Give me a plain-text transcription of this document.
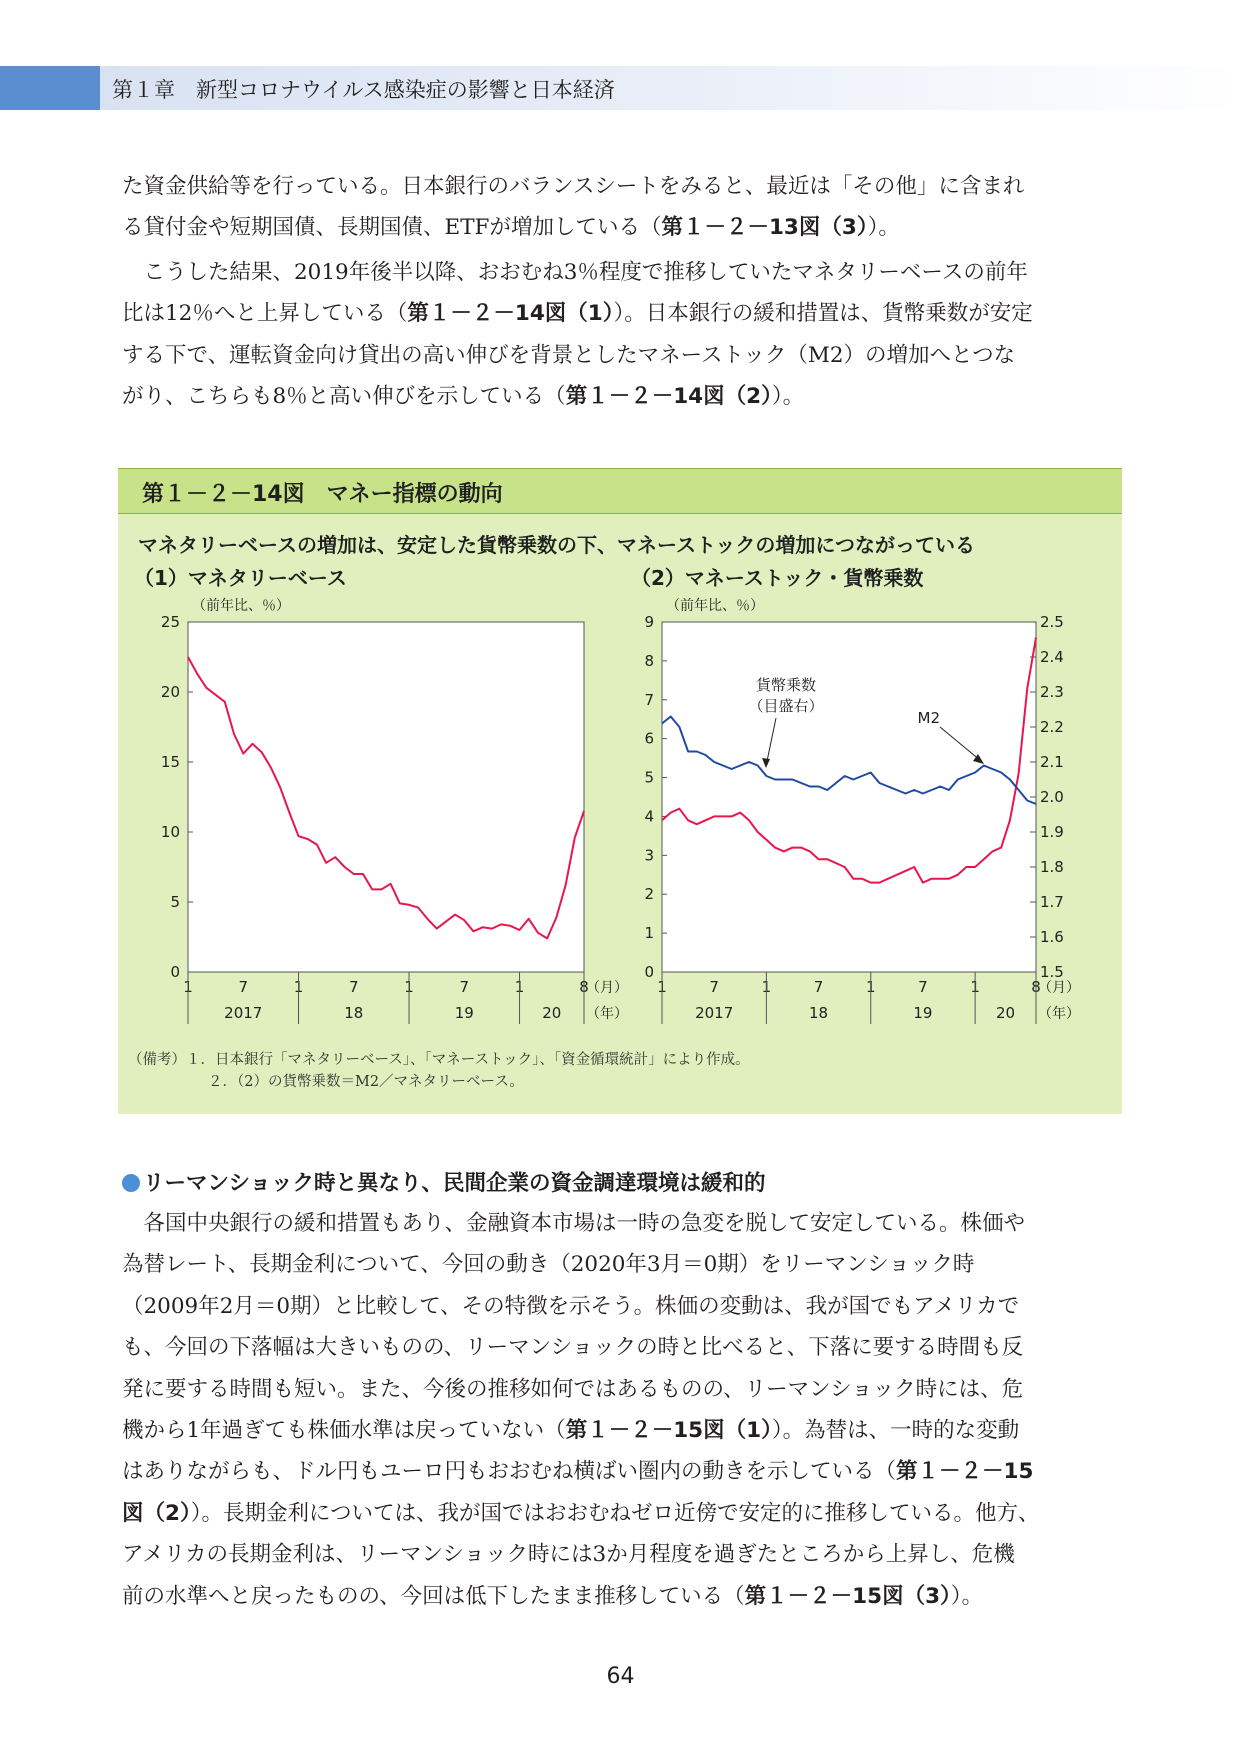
第１章　新型コロナウイルス感染症の影響と日本経済

た資金供給等を行っている。日本銀行のバランスシートをみると、最近は「その他」に含まれ

る貸付金や短期国債、長期国債、ETFが増加している（第１－２－13図（3））。

こうした結果、2019年後半以降、おおむね3％程度で推移していたマネタリーベースの前年

比は12％へと上昇している（第１－２－14図（1））。日本銀行の緩和措置は、貨幣乗数が安定

する下で、運転資金向け貸出の高い伸びを背景としたマネーストック（M2）の増加へとつな

がり、こちらも8％と高い伸びを示している（第１－２－14図（2））。

第１－２－14図　マネー指標の動向
マネタリーベースの増加は、安定した貨幣乗数の下、マネーストックの増加につながっている
（1）マネタリーベース	（2）マネーストック・貨幣乗数
（前年比、％）	（前年比、％）
0
5
10
15
20
25
1	7	1	7	1	7	1	8
（月）
（年）
2017	18	19	20
0
1
2
3
4
5
6
7
8
9
1.5
1.6
1.7
1.8
1.9
2.0
2.1
2.2
2.3
2.4
2.5
1	7	1	7	1	7	1	8
（月）
（年）
2017	18	19	20
貨幣乗数
（目盛右）
M2
（備考）１．日本銀行「マネタリーベース」、「マネーストック」、「資金循環統計」により作成。
２．（2）の貨幣乗数＝M2／マネタリーベース。
リーマンショック時と異なり、民間企業の資金調達環境は緩和的

各国中央銀行の緩和措置もあり、金融資本市場は一時の急変を脱して安定している。株価や

為替レート、長期金利について、今回の動き（2020年3月＝0期）をリーマンショック時

（2009年2月＝0期）と比較して、その特徴を示そう。株価の変動は、我が国でもアメリカで

も、今回の下落幅は大きいものの、リーマンショックの時と比べると、下落に要する時間も反

発に要する時間も短い。また、今後の推移如何ではあるものの、リーマンショック時には、危

機から1年過ぎても株価水準は戻っていない（第１－２－15図（1））。為替は、一時的な変動

はありながらも、ドル円もユーロ円もおおむね横ばい圏内の動きを示している（第１－２－15

図（2））。長期金利については、我が国ではおおむねゼロ近傍で安定的に推移している。他方、

アメリカの長期金利は、リーマンショック時には3か月程度を過ぎたところから上昇し、危機

前の水準へと戻ったものの、今回は低下したまま推移している（第１－２－15図（3））。

64
